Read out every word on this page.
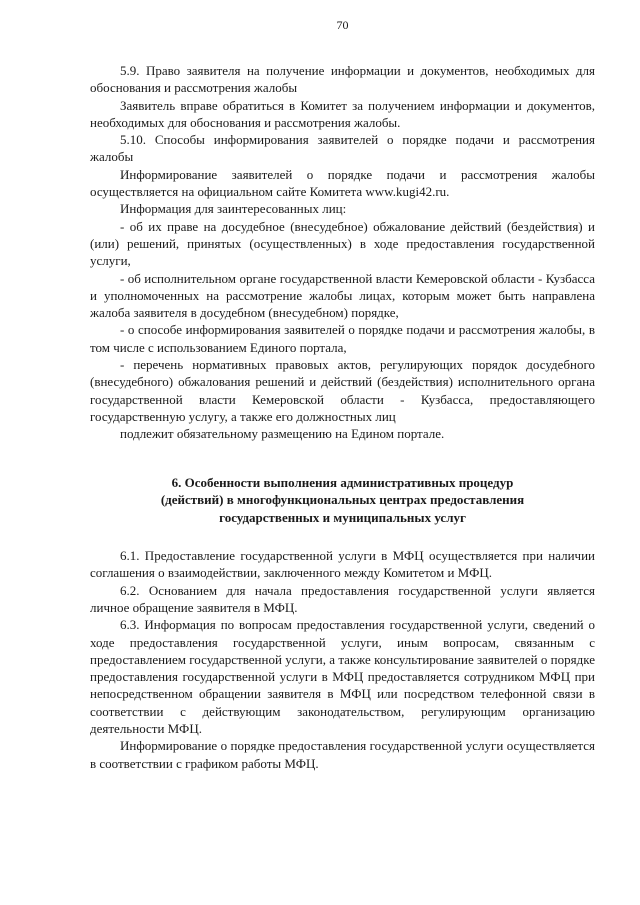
70

5.9. Право заявителя на получение информации и документов, необходимых для обоснования и рассмотрения жалобы

Заявитель вправе обратиться в Комитет за получением информации и документов, необходимых для обоснования и рассмотрения жалобы.

5.10. Способы информирования заявителей о порядке подачи и рассмотрения жалобы

Информирование заявителей о порядке подачи и рассмотрения жалобы осуществляется на официальном сайте Комитета www.kugi42.ru.

Информация для заинтересованных лиц:

- об их праве на досудебное (внесудебное) обжалование действий (бездействия) и (или) решений, принятых (осуществленных) в ходе предоставления государственной услуги,

- об исполнительном органе государственной власти Кемеровской области - Кузбасса и уполномоченных на рассмотрение жалобы лицах, которым может быть направлена жалоба заявителя в досудебном (внесудебном) порядке,

- о способе информирования заявителей о порядке подачи и рассмотрения жалобы, в том числе с использованием Единого портала,

- перечень нормативных правовых актов, регулирующих порядок досудебного (внесудебного) обжалования решений и действий (бездействия) исполнительного органа государственной власти Кемеровской области - Кузбасса, предоставляющего государственную услугу, а также его должностных лиц

подлежит обязательному размещению на Едином портале.

6. Особенности выполнения административных процедур
(действий) в многофункциональных центрах предоставления
государственных и муниципальных услуг

6.1. Предоставление государственной услуги в МФЦ осуществляется при наличии соглашения о взаимодействии, заключенного между Комитетом и МФЦ.

6.2. Основанием для начала предоставления государственной услуги является личное обращение заявителя в МФЦ.

6.3. Информация по вопросам предоставления государственной услуги, сведений о ходе предоставления государственной услуги, иным вопросам, связанным с предоставлением государственной услуги, а также консультирование заявителей о порядке предоставления государственной услуги в МФЦ предоставляется сотрудником МФЦ при непосредственном обращении заявителя в МФЦ или посредством телефонной связи в соответствии с действующим законодательством, регулирующим организацию деятельности МФЦ.

Информирование о порядке предоставления государственной услуги осуществляется в соответствии с графиком работы МФЦ.
